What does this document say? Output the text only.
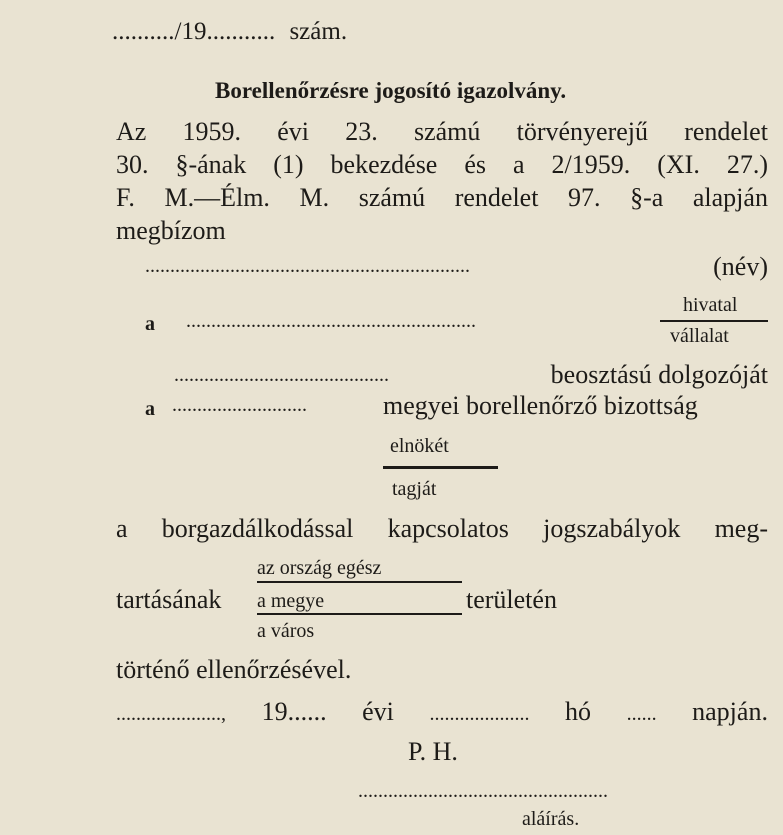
........../19........... szám.
Borellenőrzésre jogosító igazolvány.
Az 1959. évi 23. számú törvényerejű rendelet
30. §-ának (1) bekezdése és a 2/1959. (XI. 27.)
F. M.—Élm. M. számú rendelet 97. §-a alapján
megbízom
.................................................................	(név)
a ..........................................................
hivatal
vállalat
...........................................	beosztású dolgozóját
a ...........................	megyei borellenőrző bizottság
elnökét
tagját
a borgazdálkodással kapcsolatos jogszabályok meg-
az ország egész
tartásának a megye	területén
a város
történő ellenőrzésével.
....................., 19...... évi .................... hó ...... napján.
P. H.
..................................................
aláírás.
